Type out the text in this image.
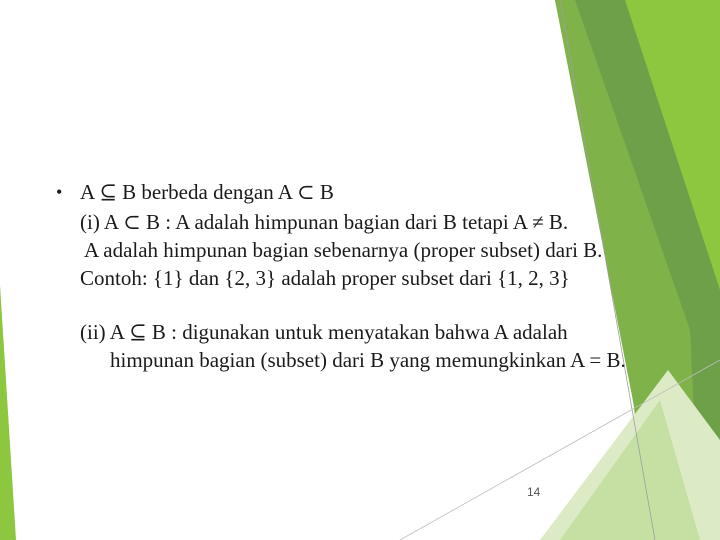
• A ⊆ B berbeda dengan A ⊂ B
(i) A ⊂ B : A adalah himpunan bagian dari B tetapi A ≠ B.
A adalah himpunan bagian sebenarnya (proper subset) dari B.
Contoh: {1} dan {2, 3} adalah proper subset dari {1, 2, 3}
(ii) A ⊆ B : digunakan untuk menyatakan bahwa A adalah
himpunan bagian (subset) dari B yang memungkinkan A = B.
14
